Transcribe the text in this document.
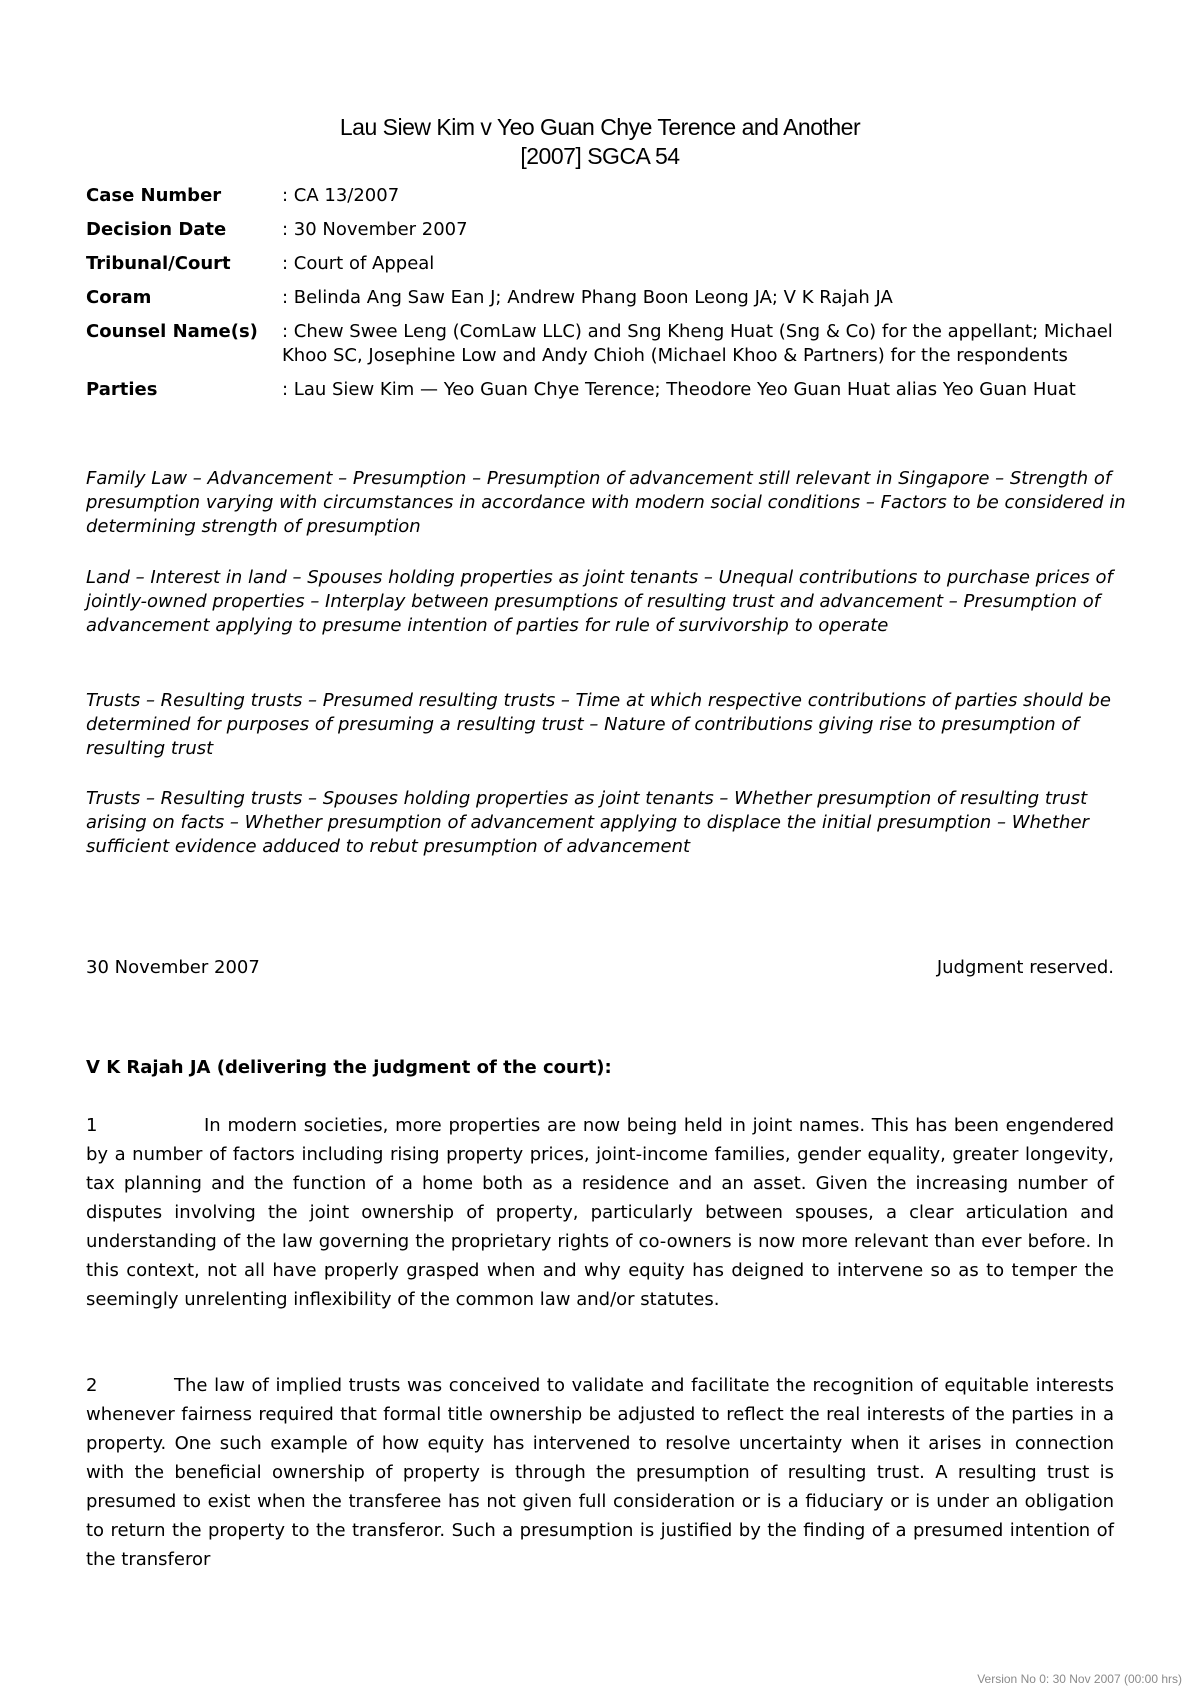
Lau Siew Kim v Yeo Guan Chye Terence and Another
[2007] SGCA 54
Case Number	: CA 13/2007
Decision Date	: 30 November 2007
Tribunal/Court	: Court of Appeal
Coram	: Belinda Ang Saw Ean J; Andrew Phang Boon Leong JA; V K Rajah JA
Counsel Name(s)	: Chew Swee Leng (ComLaw LLC) and Sng Kheng Huat (Sng & Co) for the appellant; Michael Khoo SC, Josephine Low and Andy Chioh (Michael Khoo & Partners) for the respondents
Parties	: Lau Siew Kim — Yeo Guan Chye Terence; Theodore Yeo Guan Huat alias Yeo Guan Huat
Family Law – Advancement – Presumption – Presumption of advancement still relevant in Singapore – Strength of presumption varying with circumstances in accordance with modern social conditions – Factors to be considered in determining strength of presumption
Land – Interest in land – Spouses holding properties as joint tenants – Unequal contributions to purchase prices of jointly-owned properties – Interplay between presumptions of resulting trust and advancement – Presumption of advancement applying to presume intention of parties for rule of survivorship to operate
Trusts – Resulting trusts – Presumed resulting trusts – Time at which respective contributions of parties should be determined for purposes of presuming a resulting trust – Nature of contributions giving rise to presumption of resulting trust
Trusts – Resulting trusts – Spouses holding properties as joint tenants – Whether presumption of resulting trust arising on facts – Whether presumption of advancement applying to displace the initial presumption – Whether sufficient evidence adduced to rebut presumption of advancement
30 November 2007	Judgment reserved.
V K Rajah JA (delivering the judgment of the court):
1	In modern societies, more properties are now being held in joint names. This has been engendered by a number of factors including rising property prices, joint-income families, gender equality, greater longevity, tax planning and the function of a home both as a residence and an asset. Given the increasing number of disputes involving the joint ownership of property, particularly between spouses, a clear articulation and understanding of the law governing the proprietary rights of co-owners is now more relevant than ever before. In this context, not all have properly grasped when and why equity has deigned to intervene so as to temper the seemingly unrelenting inflexibility of the common law and/or statutes.
2	The law of implied trusts was conceived to validate and facilitate the recognition of equitable interests whenever fairness required that formal title ownership be adjusted to reflect the real interests of the parties in a property. One such example of how equity has intervened to resolve uncertainty when it arises in connection with the beneficial ownership of property is through the presumption of resulting trust. A resulting trust is presumed to exist when the transferee has not given full consideration or is a fiduciary or is under an obligation to return the property to the transferor. Such a presumption is justified by the finding of a presumed intention of the transferor
Version No 0: 30 Nov 2007 (00:00 hrs)
